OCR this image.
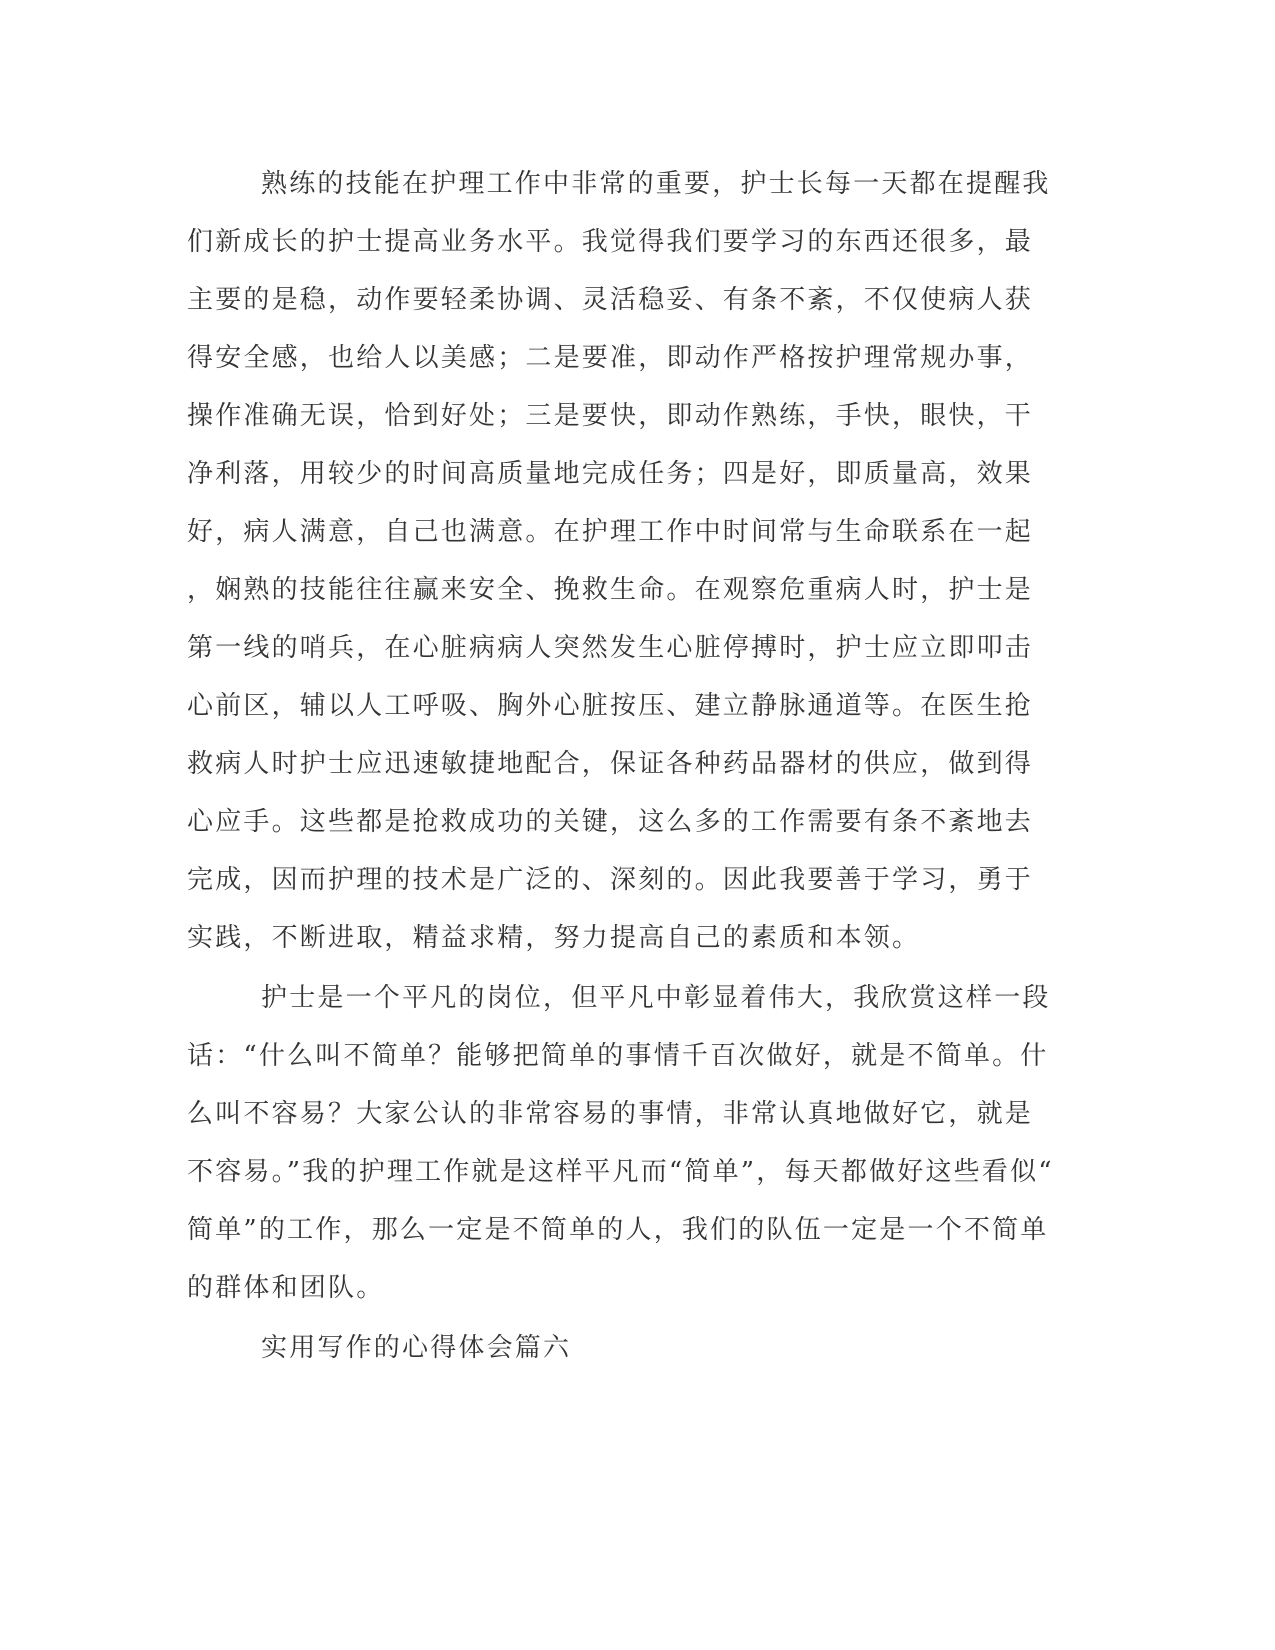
熟练的技能在护理工作中非常的重要，护士长每一天都在提醒我

们新成长的护士提高业务水平。我觉得我们要学习的东西还很多，最

主要的是稳，动作要轻柔协调、灵活稳妥、有条不紊，不仅使病人获

得安全感，也给人以美感；二是要准，即动作严格按护理常规办事，

操作准确无误，恰到好处；三是要快，即动作熟练，手快，眼快，干

净利落，用较少的时间高质量地完成任务；四是好，即质量高，效果

好，病人满意，自己也满意。在护理工作中时间常与生命联系在一起

，娴熟的技能往往赢来安全、挽救生命。在观察危重病人时，护士是

第一线的哨兵，在心脏病病人突然发生心脏停搏时，护士应立即叩击

心前区，辅以人工呼吸、胸外心脏按压、建立静脉通道等。在医生抢

救病人时护士应迅速敏捷地配合，保证各种药品器材的供应，做到得

心应手。这些都是抢救成功的关键，这么多的工作需要有条不紊地去

完成，因而护理的技术是广泛的、深刻的。因此我要善于学习，勇于

实践，不断进取，精益求精，努力提高自己的素质和本领。

护士是一个平凡的岗位，但平凡中彰显着伟大，我欣赏这样一段

话：“什么叫不简单？能够把简单的事情千百次做好，就是不简单。什

么叫不容易？大家公认的非常容易的事情，非常认真地做好它，就是

不容易。”我的护理工作就是这样平凡而“简单”，每天都做好这些看似“

简单”的工作，那么一定是不简单的人，我们的队伍一定是一个不简单

的群体和团队。

实用写作的心得体会篇六
